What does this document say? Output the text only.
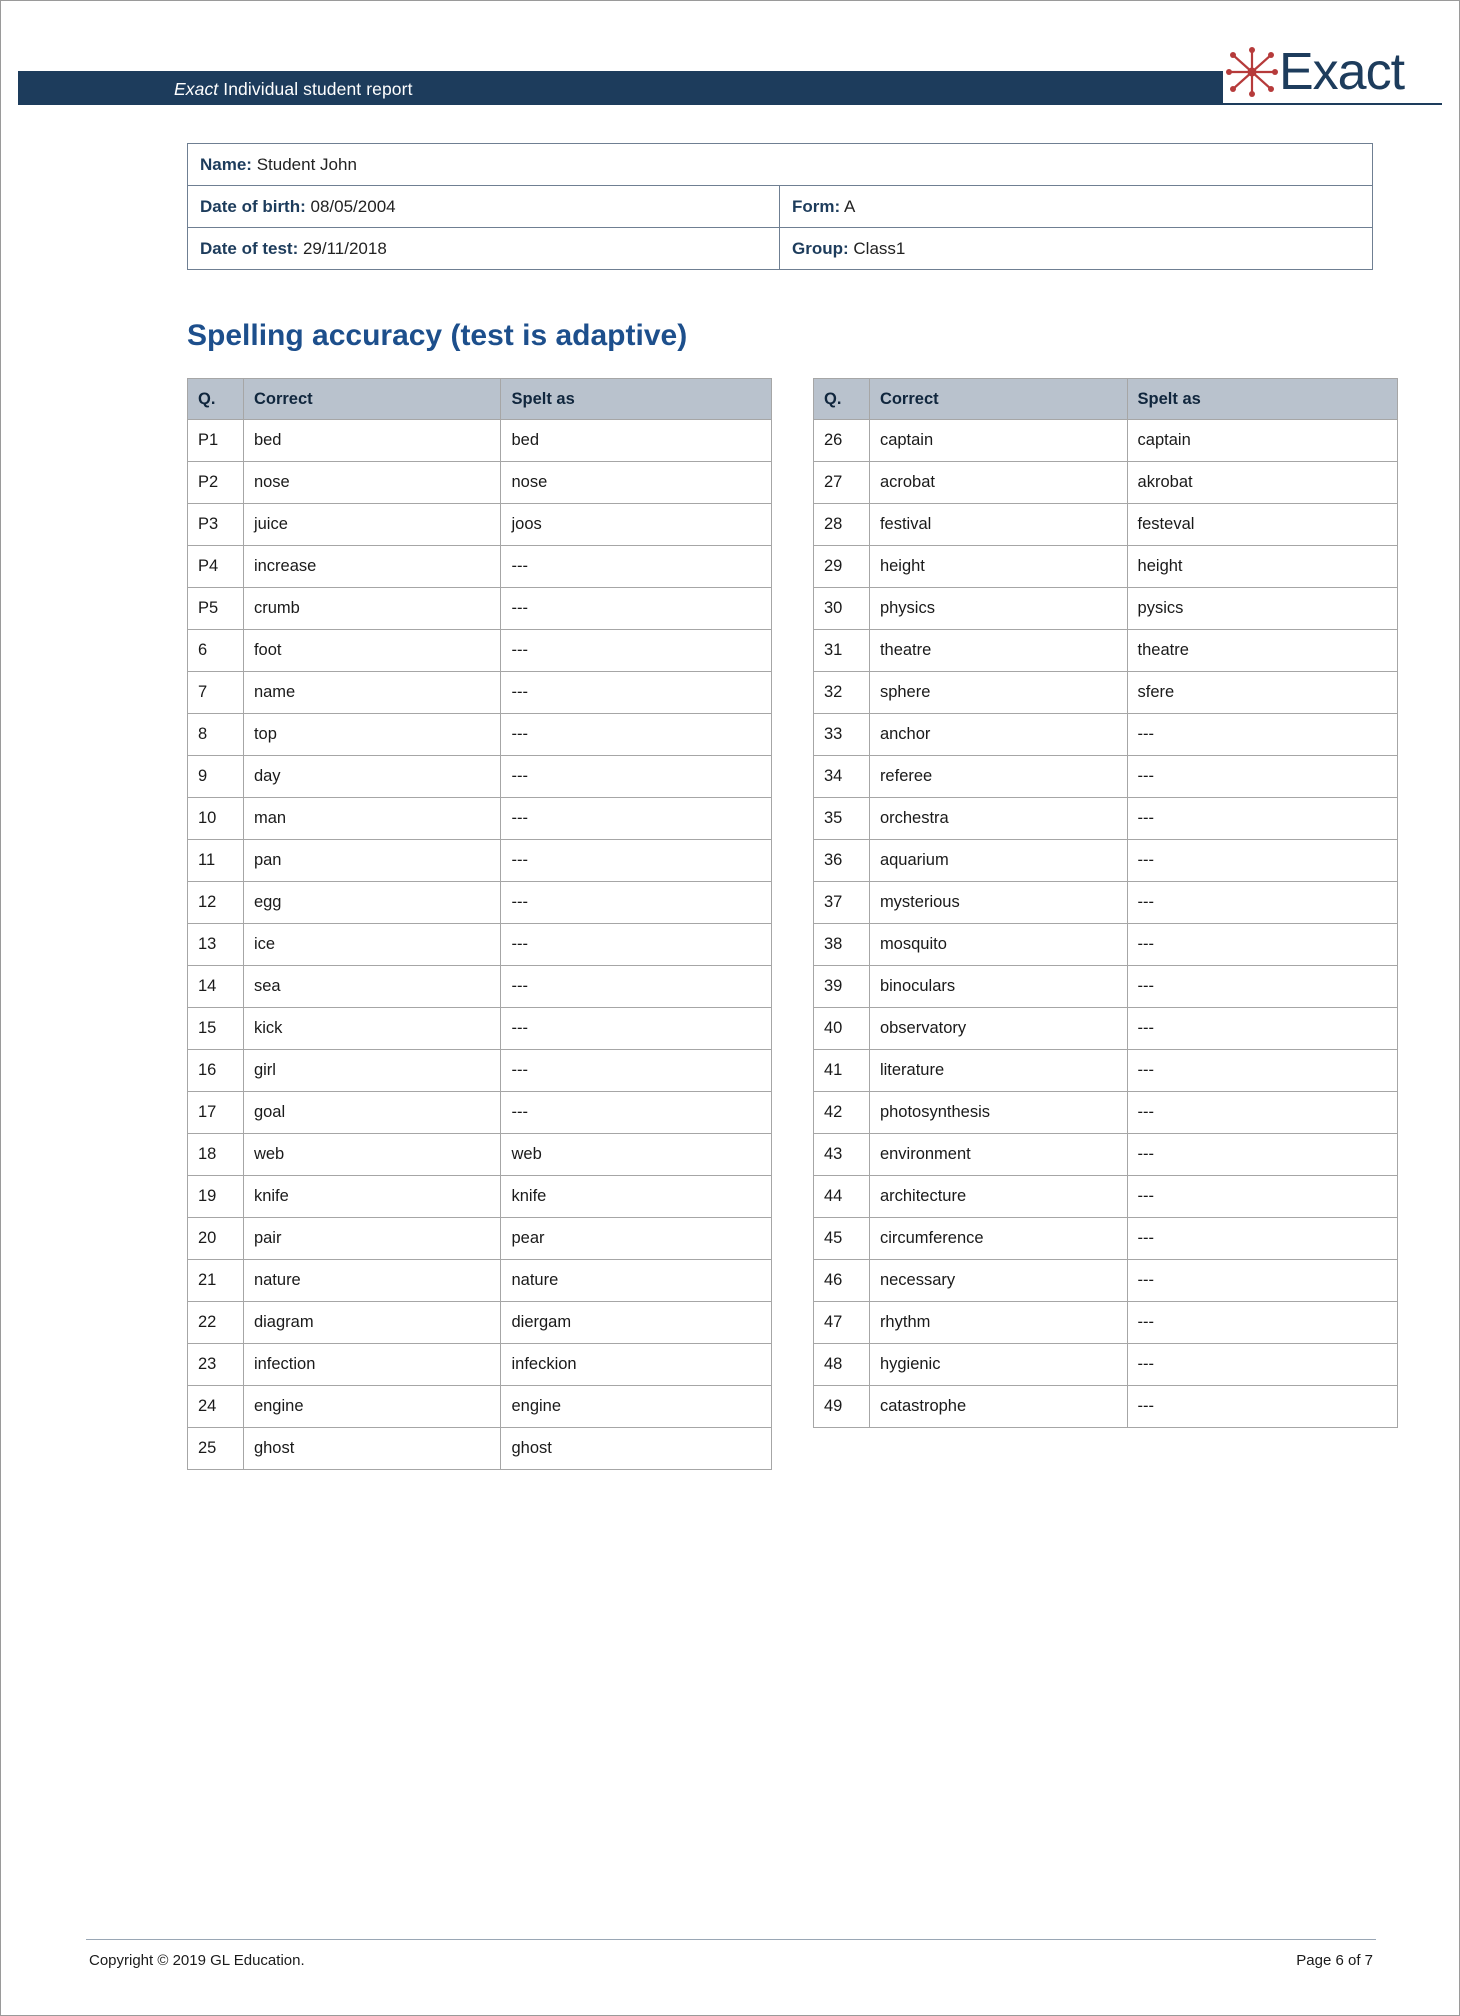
Exact Individual student report	Exact
Name: Student John	
Date of birth: 08/05/2004	Form: A
Date of test: 29/11/2018	Group: Class1
Spelling accuracy (test is adaptive)
Q.	Correct	Spelt as
P1	bed	bed
P2	nose	nose
P3	juice	joos
P4	increase	---
P5	crumb	---
6	foot	---
7	name	---
8	top	---
9	day	---
10	man	---
11	pan	---
12	egg	---
13	ice	---
14	sea	---
15	kick	---
16	girl	---
17	goal	---
18	web	web
19	knife	knife
20	pair	pear
21	nature	nature
22	diagram	diergam
23	infection	infeckion
24	engine	engine
25	ghost	ghost
Q.	Correct	Spelt as
26	captain	captain
27	acrobat	akrobat
28	festival	festeval
29	height	height
30	physics	pysics
31	theatre	theatre
32	sphere	sfere
33	anchor	---
34	referee	---
35	orchestra	---
36	aquarium	---
37	mysterious	---
38	mosquito	---
39	binoculars	---
40	observatory	---
41	literature	---
42	photosynthesis	---
43	environment	---
44	architecture	---
45	circumference	---
46	necessary	---
47	rhythm	---
48	hygienic	---
49	catastrophe	---
Copyright © 2019 GL Education.	Page 6 of 7
